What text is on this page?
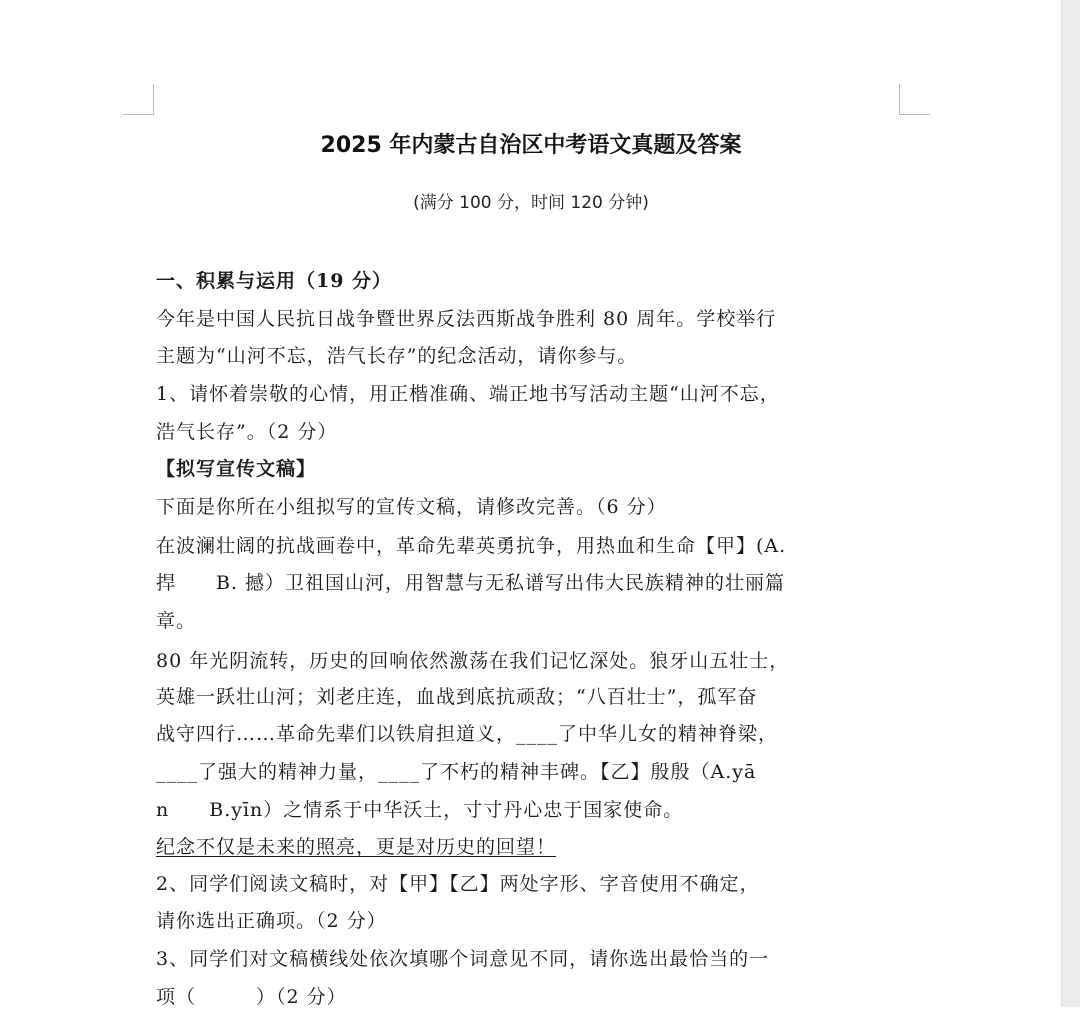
2025 年内蒙古自治区中考语文真题及答案
(满分 100 分，时间 120 分钟)
一、积累与运用（19 分）
今年是中国人民抗日战争暨世界反法西斯战争胜利 80 周年。学校举行
主题为“山河不忘，浩气长存”的纪念活动，请你参与。
1、请怀着崇敬的心情，用正楷准确、端正地书写活动主题“山河不忘，
浩气长存”。（2 分）
【拟写宣传文稿】
下面是你所在小组拟写的宣传文稿，请修改完善。（6 分）
在波澜壮阔的抗战画卷中，革命先辈英勇抗争，用热血和生命【甲】(A.
捍　　B. 撼）卫祖国山河，用智慧与无私谱写出伟大民族精神的壮丽篇
章。
80 年光阴流转，历史的回响依然激荡在我们记忆深处。狼牙山五壮士，
英雄一跃壮山河；刘老庄连，血战到底抗顽敌；“八百壮士”，孤军奋
战守四行……革命先辈们以铁肩担道义，____了中华儿女的精神脊梁，
____了强大的精神力量，____了不朽的精神丰碑。【乙】殷殷（A.yā
n　　B.yīn）之情系于中华沃土，寸寸丹心忠于国家使命。
纪念不仅是未来的照亮，更是对历史的回望！
2、同学们阅读文稿时，对【甲】【乙】两处字形、字音使用不确定，
请你选出正确项。（2 分）
3、同学们对文稿横线处依次填哪个词意见不同，请你选出最恰当的一
项（　　　）（2 分）
